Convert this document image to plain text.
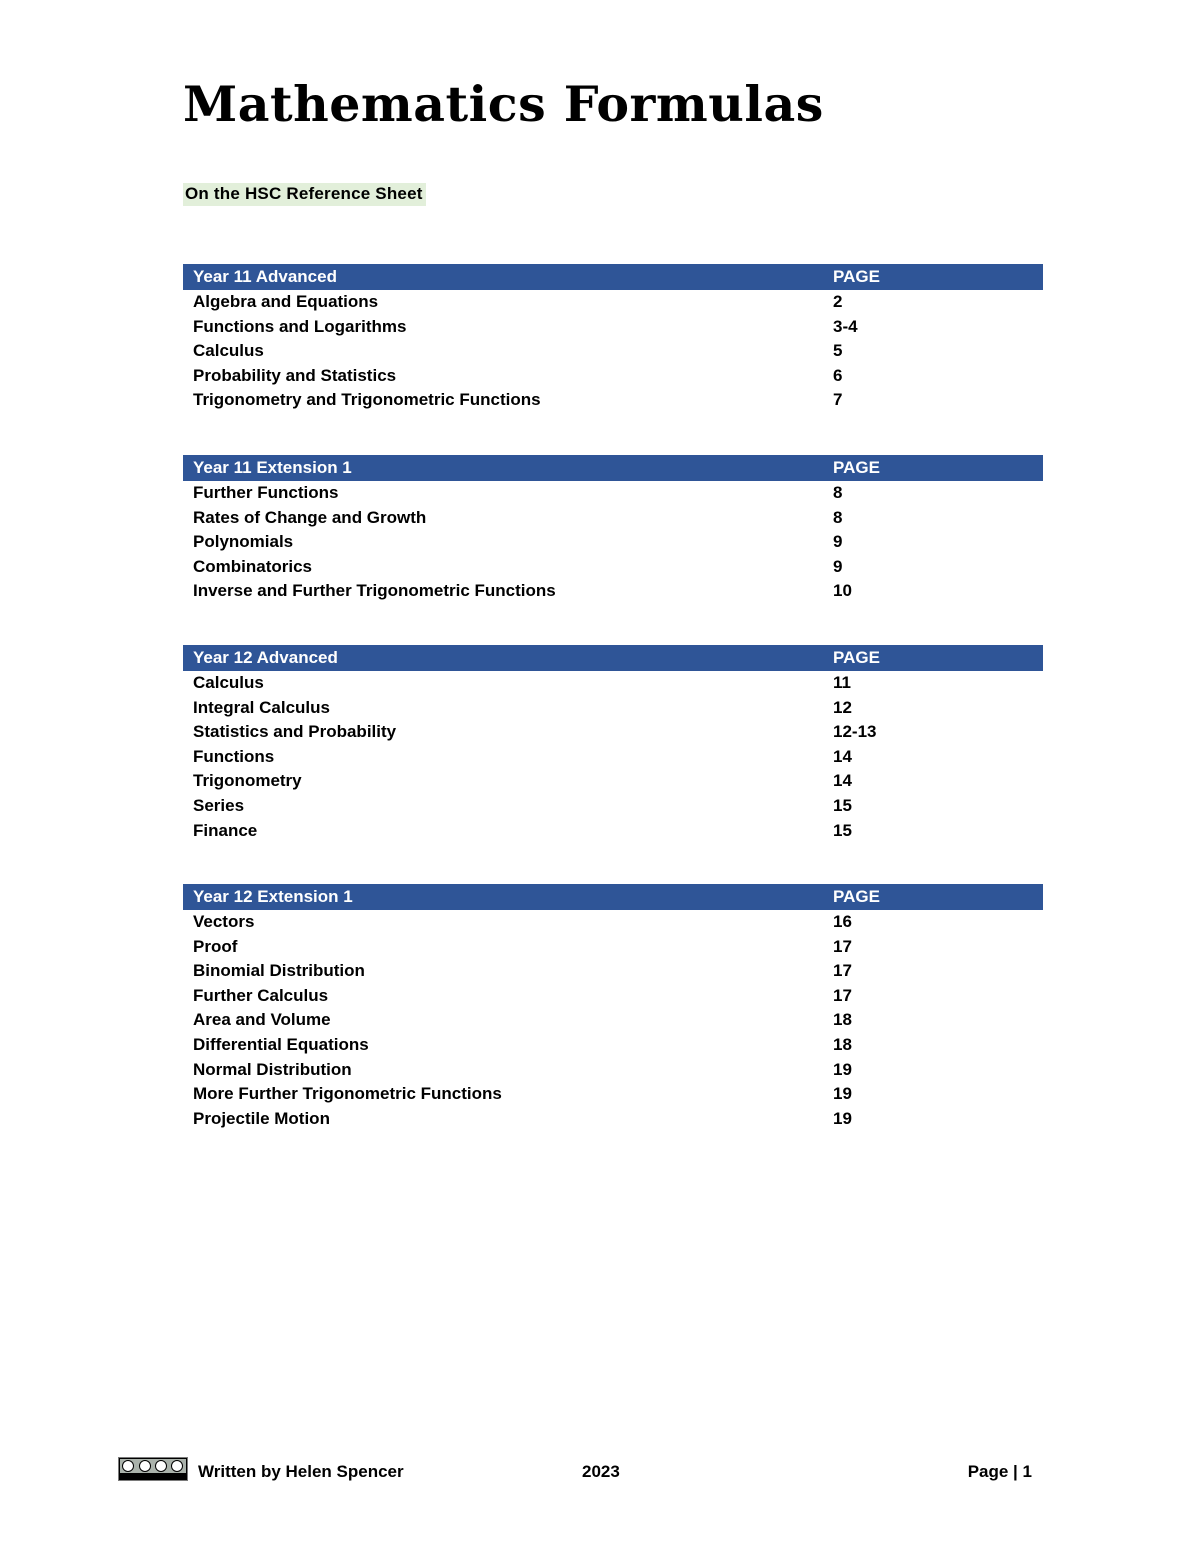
Mathematics Formulas
On the HSC Reference Sheet
Year 11 Advanced	PAGE
Algebra and Equations	2
Functions and Logarithms	3-4
Calculus	5
Probability and Statistics	6
Trigonometry and Trigonometric Functions	7
Year 11 Extension 1	PAGE
Further Functions	8
Rates of Change and Growth	8
Polynomials	9
Combinatorics	9
Inverse and Further Trigonometric Functions	10
Year 12 Advanced	PAGE
Calculus	11
Integral Calculus	12
Statistics and Probability	12-13
Functions	14
Trigonometry	14
Series	15
Finance	15
Year 12 Extension 1	PAGE
Vectors	16
Proof	17
Binomial Distribution	17
Further Calculus	17
Area and Volume	18
Differential Equations	18
Normal Distribution	19
More Further Trigonometric Functions	19
Projectile Motion	19
Written by Helen Spencer	2023	Page | 1
